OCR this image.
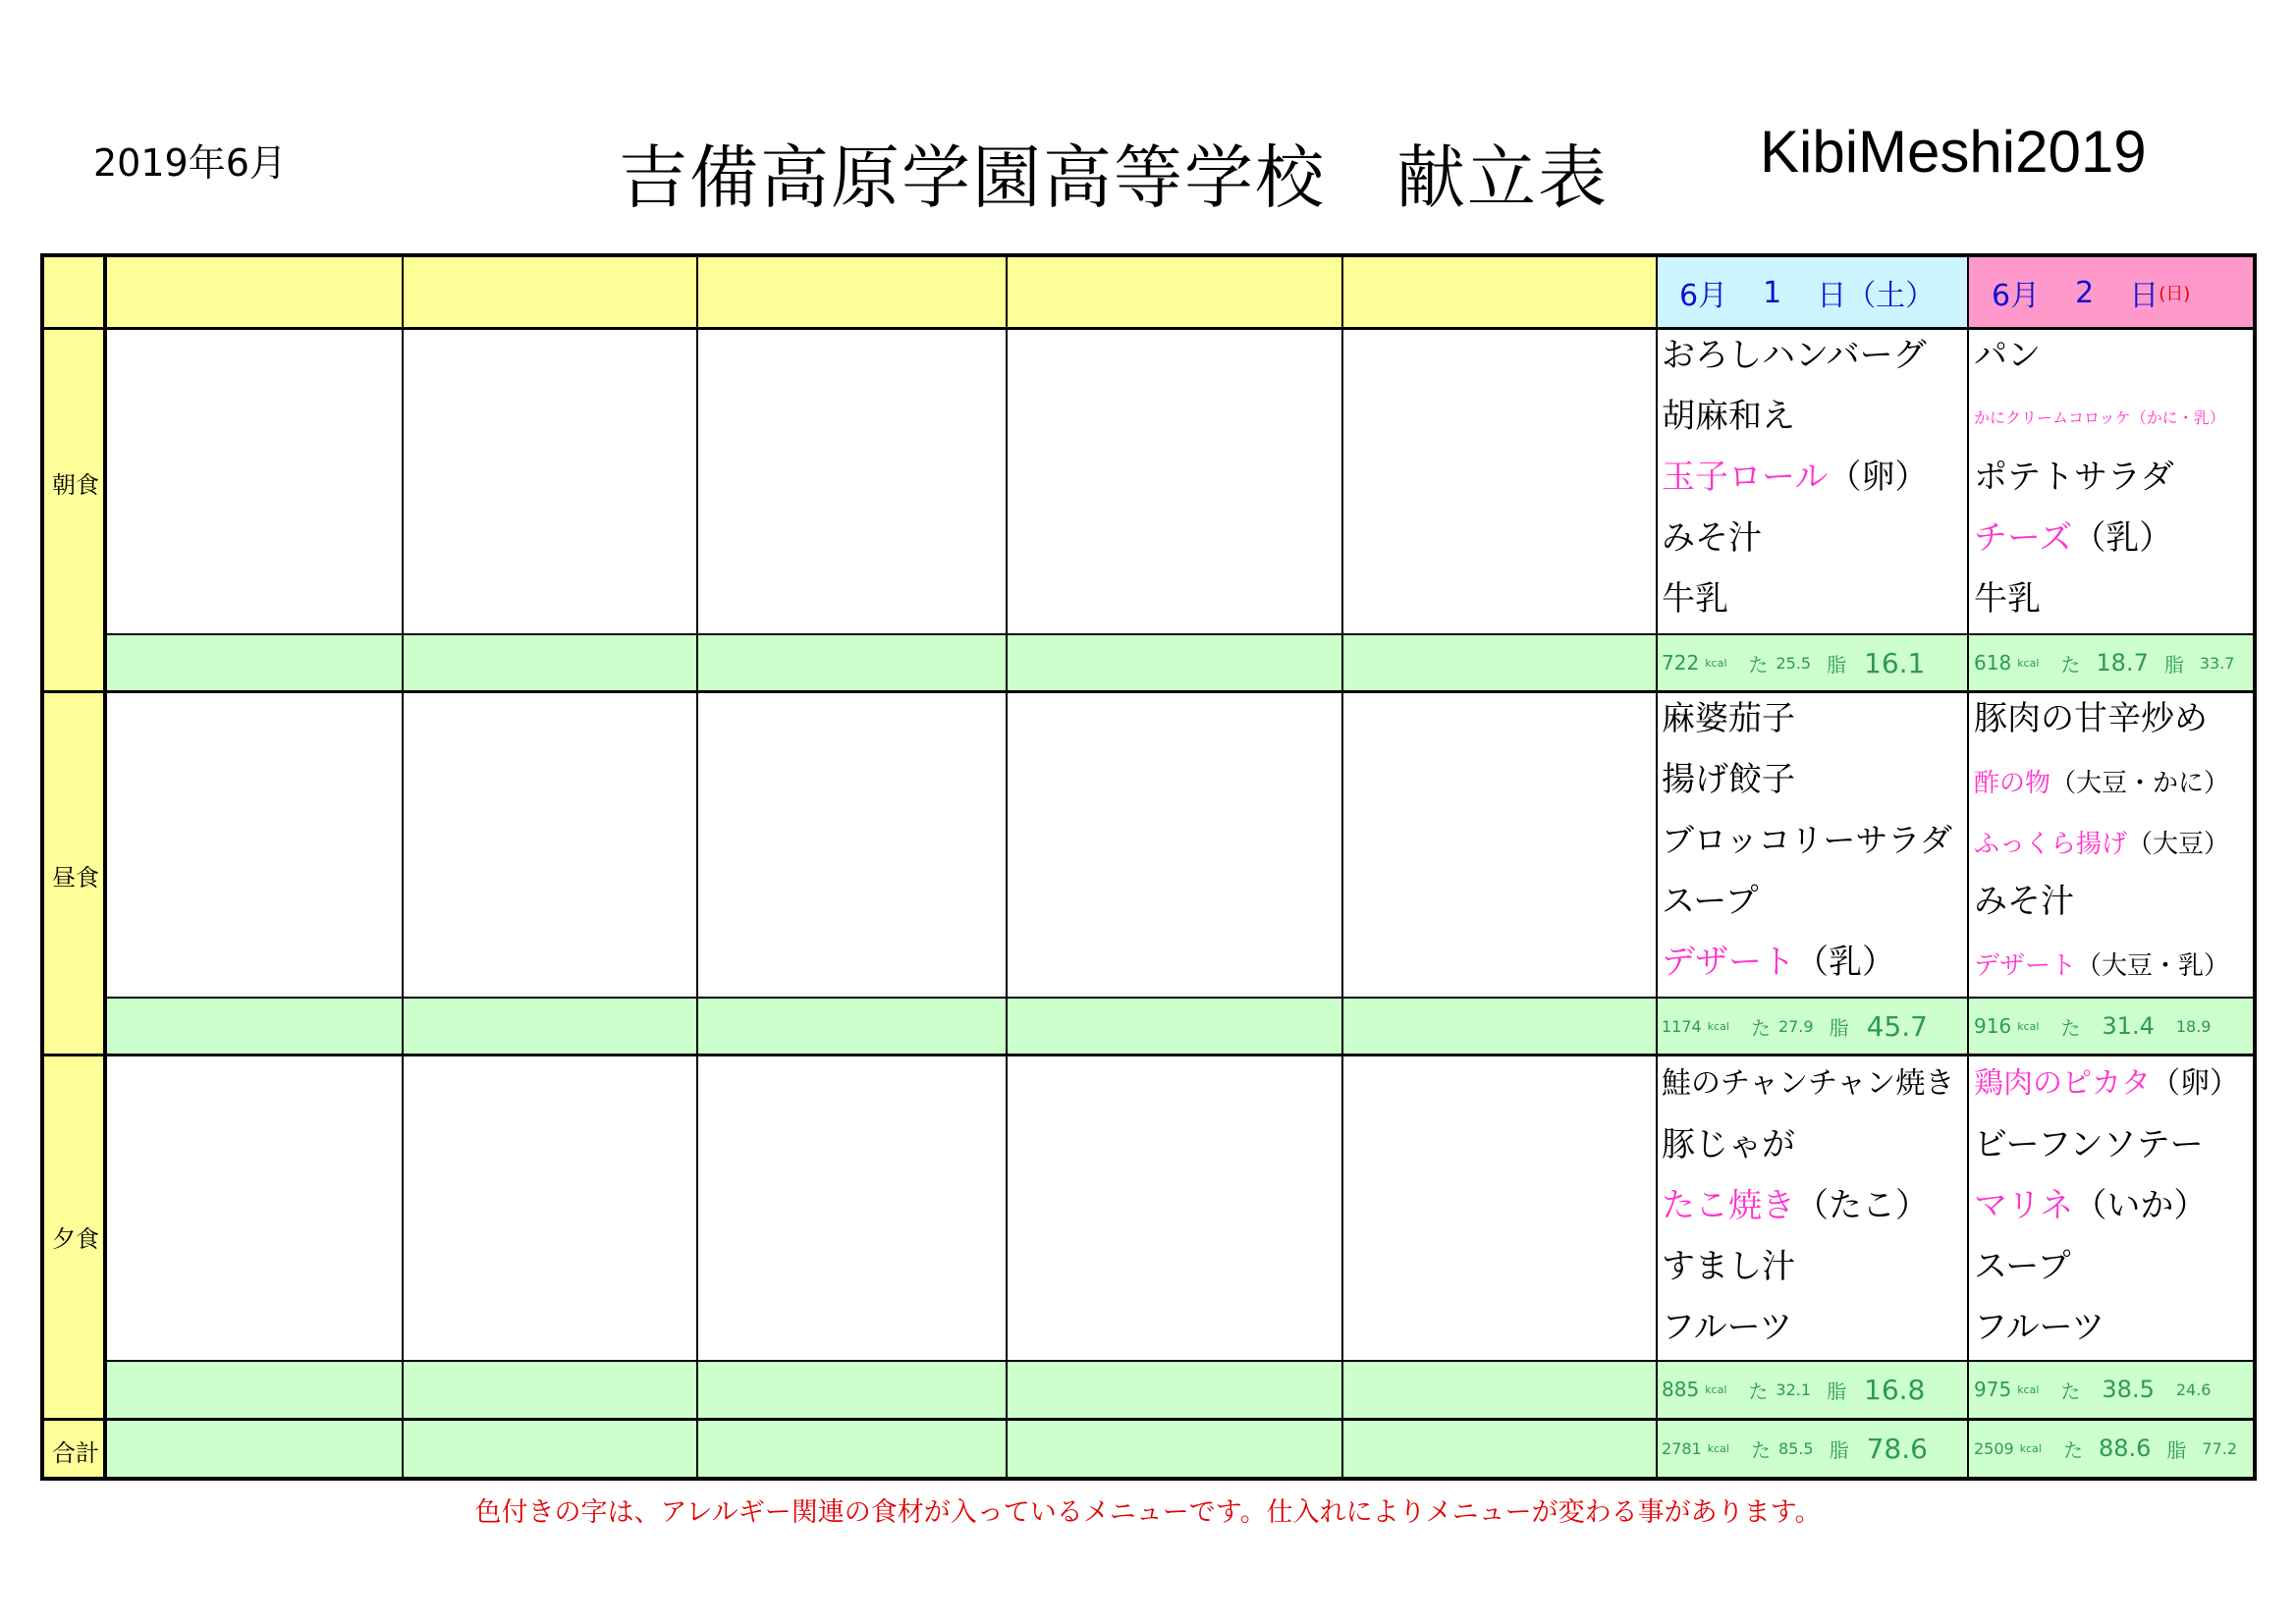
2019年6月	吉備高原学園高等学校　献立表	KibiMeshi2019
6月 1 日 （土） 6月 2 日 (日)
朝食
昼食
夕食
合計
おろしハンバーグ
胡麻和え
玉子ロール（卵）
みそ汁
牛乳
麻婆茄子
揚げ餃子
ブロッコリーサラダ
スープ
デザート（乳）
鮭のチャンチャン焼き
豚じゃが
たこ焼き（たこ）
すまし汁
フルーツ
パン
かにクリームコロッケ（かに・乳）
ポテトサラダ
チーズ（乳）
牛乳
豚肉の甘辛炒め
酢の物（大豆・かに）
ふっくら揚げ（大豆）
みそ汁
デザート（大豆・乳）
鶏肉のピカタ（卵）
ビーフンソテー
マリネ（いか）
スープ
フルーツ
722 kcal た 25.5 脂 16.1
1174 kcal た 27.9 脂 45.7
885 kcal た 32.1 脂 16.8
2781 kcal た 85.5 脂 78.6
618 kcal た 18.7 脂 33.7
916 kcal た 31.4 18.9
975 kcal た 38.5 24.6
2509 kcal た 88.6 脂 77.2
色付きの字は、アレルギー関連の食材が入っているメニューです。仕入れによりメニューが変わる事があります。
